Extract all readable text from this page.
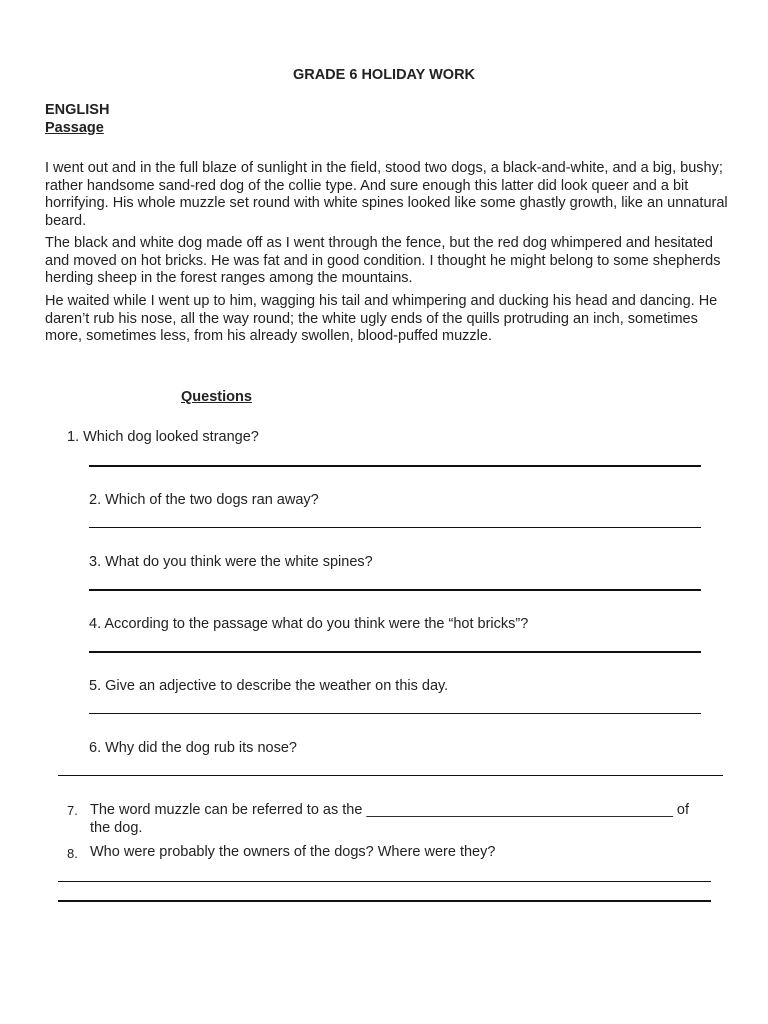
GRADE 6 HOLIDAY WORK
ENGLISH
Passage
I went out and in the full blaze of sunlight in the field, stood two dogs, a black-and-white, and a big, bushy; rather handsome sand-red dog of the collie type. And sure enough this latter did look queer and a bit horrifying. His whole muzzle set round with white spines looked like some ghastly growth, like an unnatural beard.
The black and white dog made off as I went through the fence, but the red dog whimpered and hesitated and moved on hot bricks. He was fat and in good condition. I thought he might belong to some shepherds herding sheep in the forest ranges among the mountains.
He waited while I went up to him, wagging his tail and whimpering and ducking his head and dancing. He daren’t rub his nose, all the way round; the white ugly ends of the quills protruding an inch, sometimes more, sometimes less, from his already swollen, blood-puffed muzzle.
Questions
1. Which dog looked strange?
2. Which of the two dogs ran away?
3. What do you think were the white spines?
4. According to the passage what do you think were the “hot bricks”?
5. Give an adjective to describe the weather on this day.
6. Why did the dog rub its nose?
7. The word muzzle can be referred to as the ______________________________________ of
the dog.
8. Who were probably the owners of the dogs? Where were they?
